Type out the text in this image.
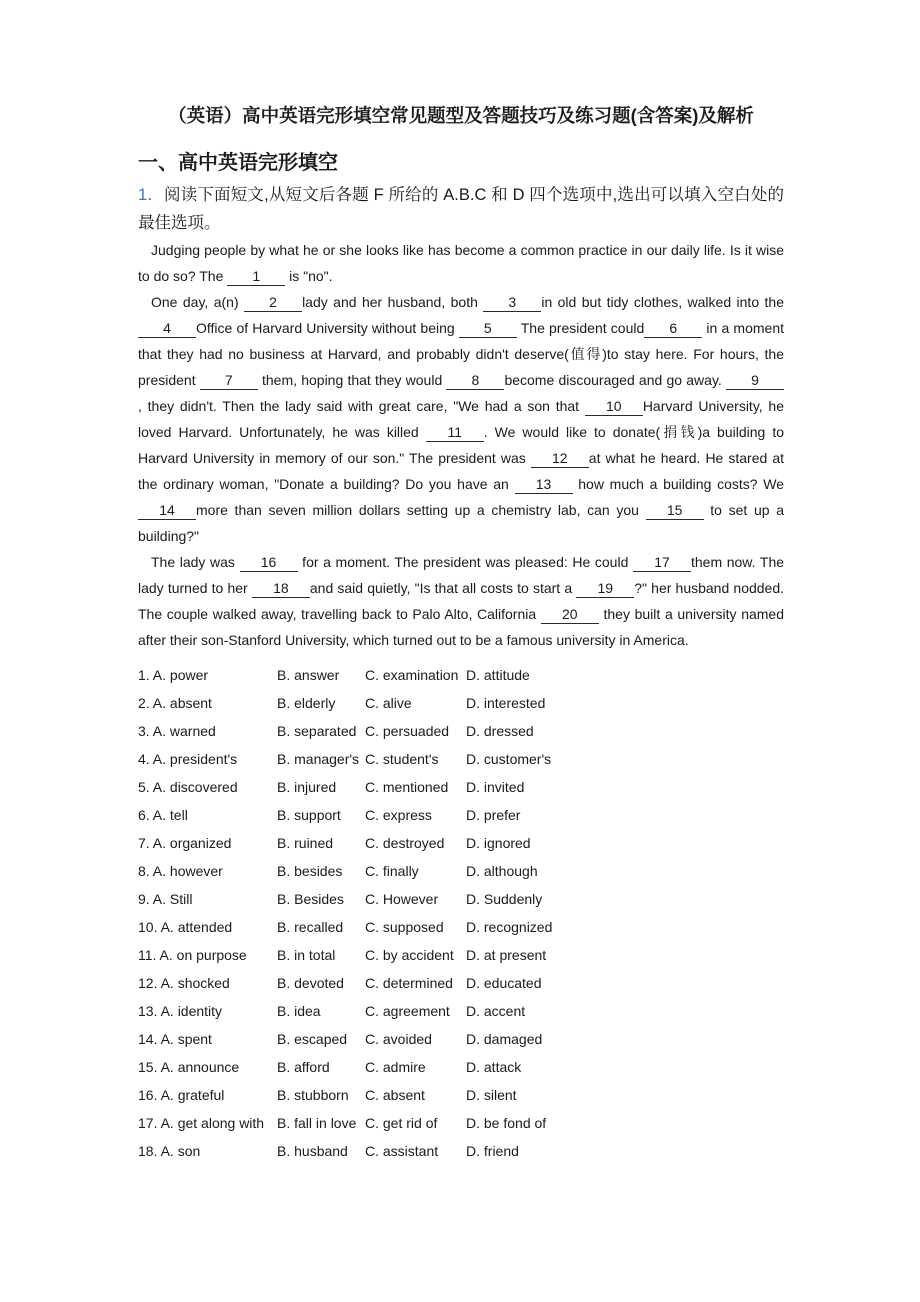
（英语）高中英语完形填空常见题型及答题技巧及练习题(含答案)及解析
一、高中英语完形填空

1．阅读下面短文,从短文后各题 F 所给的 A.B.C 和 D 四个选项中,选出可以填入空白处的最佳选项。

Judging people by what he or she looks like has become a common practice in our daily life. Is it wise to do so? The 1 is "no".

One day, a(n) 2 lady and her husband, both 3 in old but tidy clothes, walked into the 4 Office of Harvard University without being 5 The president could 6 in a moment that they had no business at Harvard, and probably didn't deserve(值得)to stay here. For hours, the president 7 them, hoping that they would 8 become discouraged and go away. 9, they didn't. Then the lady said with great care, "We had a son that 10 Harvard University, he loved Harvard. Unfortunately, he was killed 11 . We would like to donate(捐钱)a building to Harvard University in memory of our son." The president was 12 at what he heard. He stared at the ordinary woman, "Donate a building? Do you have an 13 how much a building costs? We 14 more than seven million dollars setting up a chemistry lab, can you 15 to set up a building?"

The lady was 16 for a moment. The president was pleased: He could 17 them now. The lady turned to her 18 and said quietly, "Is that all costs to start a 19 ?" her husband nodded. The couple walked away, travelling back to Palo Alto, California 20 they built a university named after their son-Stanford University, which turned out to be a famous university in America.

1. A. power	B. answer	C. examination D. attitude
2. A. absent	B. elderly	C. alive	D. interested
3. A. warned	B. separated C. persuaded	D. dressed
4. A. president's	B. manager's C. student's	D. customer's
5. A. discovered	B. injured	C. mentioned	D. invited
6. A. tell	B. support	C. express	D. prefer
7. A. organized	B. ruined	C. destroyed	D. ignored
8. A. however	B. besides	C. finally	D. although
9. A. Still	B. Besides	C. However	D. Suddenly
10. A. attended	B. recalled	C. supposed	D. recognized
11. A. on purpose	B. in total	C. by accident D. at present
12. A. shocked	B. devoted	C. determined D. educated
13. A. identity	B. idea	C. agreement	D. accent
14. A. spent	B. escaped	C. avoided	D. damaged
15. A. announce	B. afford	C. admire	D. attack
16. A. grateful	B. stubborn	C. absent	D. silent
17. A. get along with B. fall in love C. get rid of	D. be fond of
18. A. son	B. husband	C. assistant	D. friend
